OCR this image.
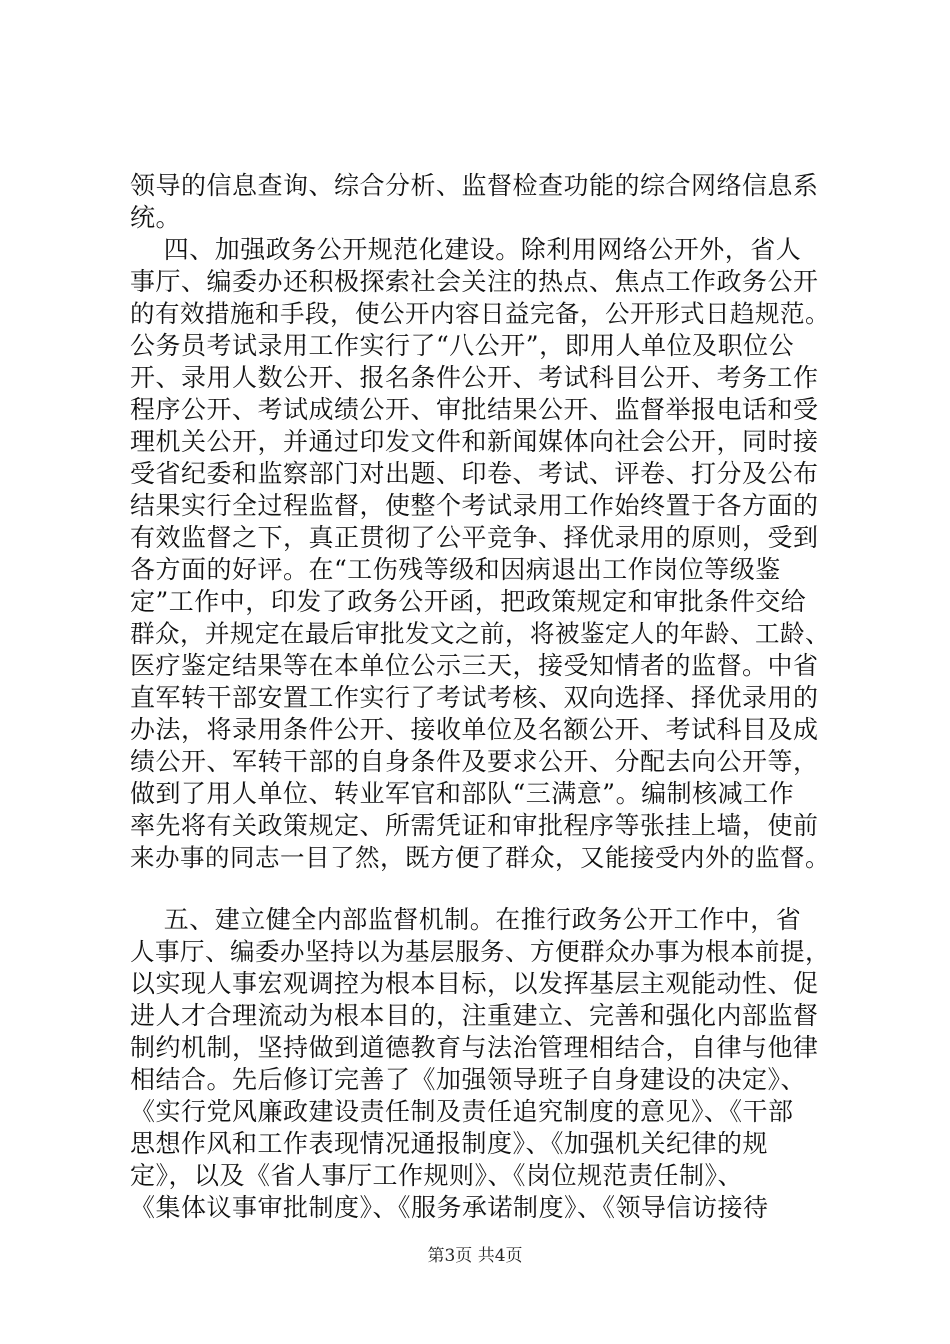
领导的信息查询、综合分析、监督检查功能的综合网络信息系
统。
四、加强政务公开规范化建设。除利用网络公开外，省人
事厅、编委办还积极探索社会关注的热点、焦点工作政务公开
的有效措施和手段，使公开内容日益完备，公开形式日趋规范。
公务员考试录用工作实行了“八公开”，即用人单位及职位公
开、录用人数公开、报名条件公开、考试科目公开、考务工作
程序公开、考试成绩公开、审批结果公开、监督举报电话和受
理机关公开，并通过印发文件和新闻媒体向社会公开，同时接
受省纪委和监察部门对出题、印卷、考试、评卷、打分及公布
结果实行全过程监督，使整个考试录用工作始终置于各方面的
有效监督之下，真正贯彻了公平竞争、择优录用的原则，受到
各方面的好评。在“工伤残等级和因病退出工作岗位等级鉴
定”工作中，印发了政务公开函，把政策规定和审批条件交给
群众，并规定在最后审批发文之前，将被鉴定人的年龄、工龄、
医疗鉴定结果等在本单位公示三天，接受知情者的监督。中省
直军转干部安置工作实行了考试考核、双向选择、择优录用的
办法，将录用条件公开、接收单位及名额公开、考试科目及成
绩公开、军转干部的自身条件及要求公开、分配去向公开等，
做到了用人单位、转业军官和部队“三满意”。编制核减工作
率先将有关政策规定、所需凭证和审批程序等张挂上墙，使前
来办事的同志一目了然，既方便了群众，又能接受内外的监督。
五、建立健全内部监督机制。在推行政务公开工作中，省
人事厅、编委办坚持以为基层服务、方便群众办事为根本前提，
以实现人事宏观调控为根本目标，以发挥基层主观能动性、促
进人才合理流动为根本目的，注重建立、完善和强化内部监督
制约机制，坚持做到道德教育与法治管理相结合，自律与他律
相结合。先后修订完善了《加强领导班子自身建设的决定》、
《实行党风廉政建设责任制及责任追究制度的意见》、《干部
思想作风和工作表现情况通报制度》、《加强机关纪律的规
定》，以及《省人事厅工作规则》、《岗位规范责任制》、
《集体议事审批制度》、《服务承诺制度》、《领导信访接待
第3页 共4页
